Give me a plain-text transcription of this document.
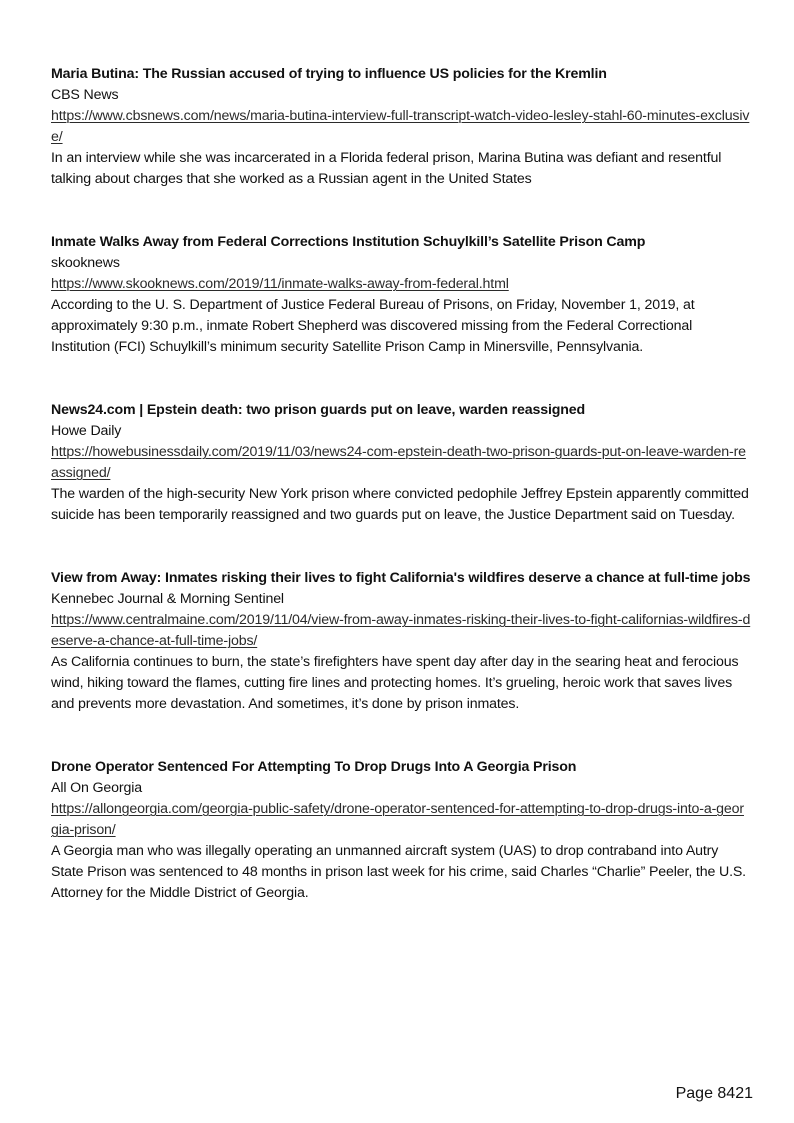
Maria Butina: The Russian accused of trying to influence US policies for the Kremlin

CBS News

https://www.cbsnews.com/news/maria-butina-interview-full-transcript-watch-video-lesley-stahl-60-minutes-exclusive/

In an interview while she was incarcerated in a Florida federal prison, Marina Butina was defiant and resentful talking about charges that she worked as a Russian agent in the United States

Inmate Walks Away from Federal Corrections Institution Schuylkill’s Satellite Prison Camp

skooknews

https://www.skooknews.com/2019/11/inmate-walks-away-from-federal.html

According to the U. S. Department of Justice Federal Bureau of Prisons, on Friday, November 1, 2019, at approximately 9:30 p.m., inmate Robert Shepherd was discovered missing from the Federal Correctional Institution (FCI) Schuylkill’s minimum security Satellite Prison Camp in Minersville, Pennsylvania.

News24.com | Epstein death: two prison guards put on leave, warden reassigned

Howe Daily

https://howebusinessdaily.com/2019/11/03/news24-com-epstein-death-two-prison-guards-put-on-leave-warden-reassigned/

The warden of the high-security New York prison where convicted pedophile Jeffrey Epstein apparently committed suicide has been temporarily reassigned and two guards put on leave, the Justice Department said on Tuesday.

View from Away: Inmates risking their lives to fight California's wildfires deserve a chance at full-time jobs

Kennebec Journal & Morning Sentinel

https://www.centralmaine.com/2019/11/04/view-from-away-inmates-risking-their-lives-to-fight-californias-wildfires-deserve-a-chance-at-full-time-jobs/

As California continues to burn, the state’s firefighters have spent day after day in the searing heat and ferocious wind, hiking toward the flames, cutting fire lines and protecting homes. It’s grueling, heroic work that saves lives and prevents more devastation. And sometimes, it’s done by prison inmates.

Drone Operator Sentenced For Attempting To Drop Drugs Into A Georgia Prison

All On Georgia

https://allongeorgia.com/georgia-public-safety/drone-operator-sentenced-for-attempting-to-drop-drugs-into-a-georgia-prison/

A Georgia man who was illegally operating an unmanned aircraft system (UAS) to drop contraband into Autry State Prison was sentenced to 48 months in prison last week for his crime, said Charles “Charlie” Peeler, the U.S. Attorney for the Middle District of Georgia.

Page 8421
